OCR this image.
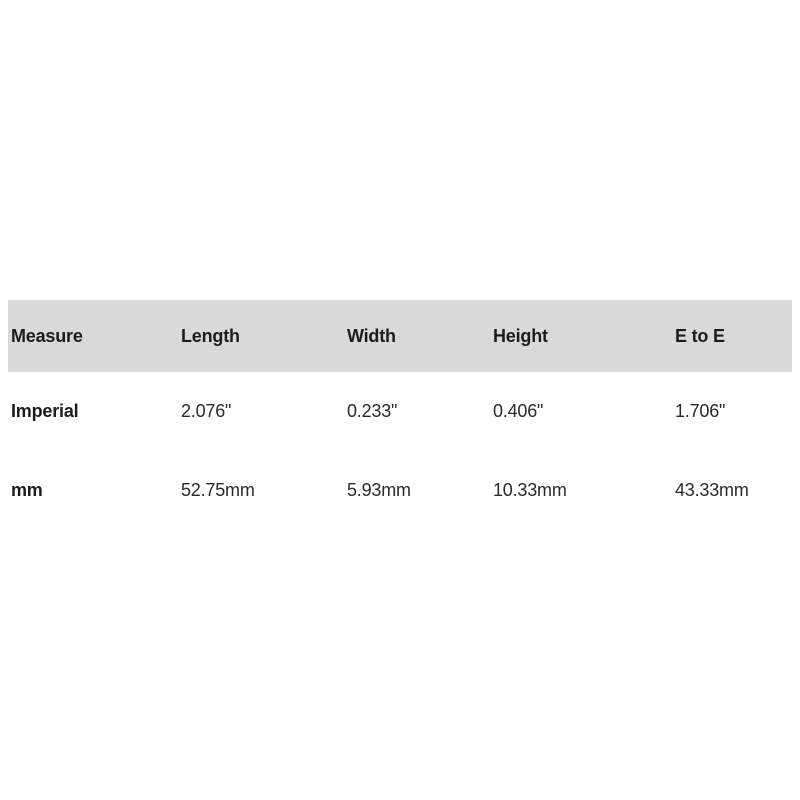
Measure	Length	Width	Height	E to E
Imperial	2.076"	0.233"	0.406"	1.706"
mm	52.75mm	5.93mm	10.33mm	43.33mm
